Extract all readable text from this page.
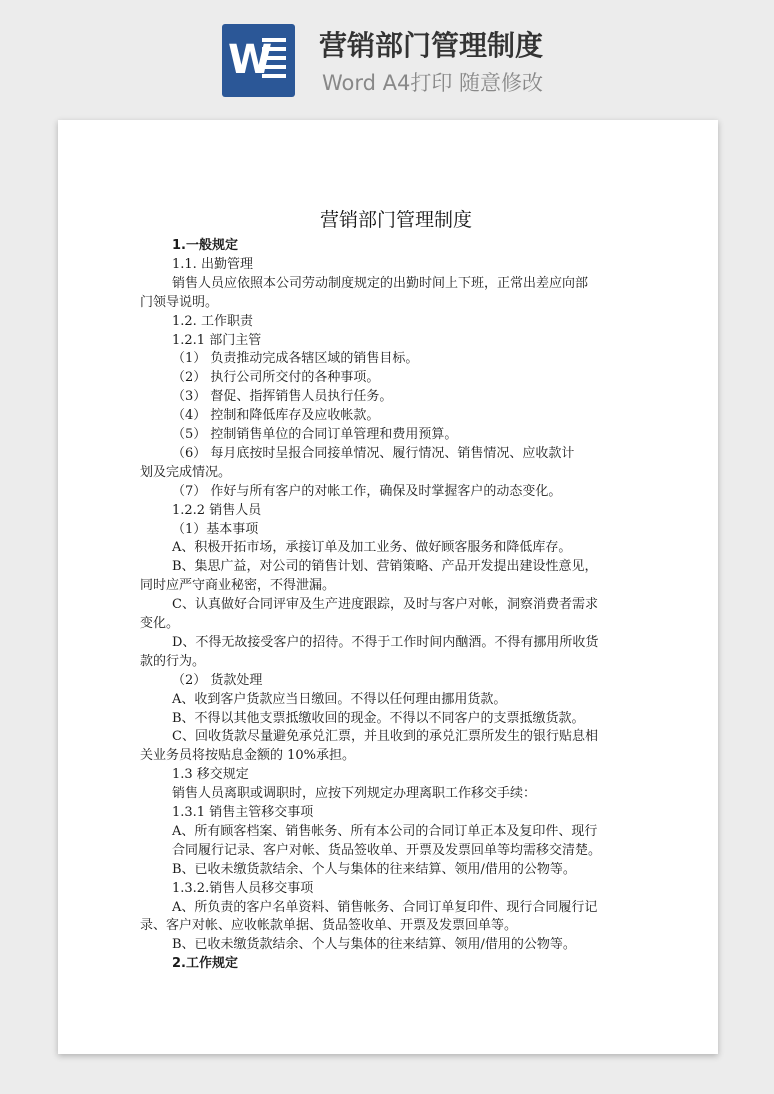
W 营销部门管理制度
Word A4打印 随意修改
营销部门管理制度
1.一般规定
1.1. 出勤管理
销售人员应依照本公司劳动制度规定的出勤时间上下班，正常出差应向部
门领导说明。
1.2. 工作职责
1.2.1 部门主管
（1） 负责推动完成各辖区域的销售目标。
（2） 执行公司所交付的各种事项。
（3） 督促、指挥销售人员执行任务。
（4） 控制和降低库存及应收帐款。
（5） 控制销售单位的合同订单管理和费用预算。
（6） 每月底按时呈报合同接单情况、履行情况、销售情况、应收款计
划及完成情况。
（7） 作好与所有客户的对帐工作，确保及时掌握客户的动态变化。
1.2.2 销售人员
（1）基本事项
A、积极开拓市场，承接订单及加工业务、做好顾客服务和降低库存。
B、集思广益，对公司的销售计划、营销策略、产品开发提出建设性意见，
同时应严守商业秘密，不得泄漏。
C、认真做好合同评审及生产进度跟踪，及时与客户对帐，洞察消费者需求
变化。
D、不得无故接受客户的招待。不得于工作时间内酗酒。不得有挪用所收货
款的行为。
（2） 货款处理
A、收到客户货款应当日缴回。不得以任何理由挪用货款。
B、不得以其他支票抵缴收回的现金。不得以不同客户的支票抵缴货款。
C、回收货款尽量避免承兑汇票，并且收到的承兑汇票所发生的银行贴息相
关业务员将按贴息金额的 10%承担。
1.3 移交规定
销售人员离职或调职时，应按下列规定办理离职工作移交手续：
1.3.1 销售主管移交事项
A、所有顾客档案、销售帐务、所有本公司的合同订单正本及复印件、现行
合同履行记录、客户对帐、货品签收单、开票及发票回单等均需移交清楚。
B、已收未缴货款结余、个人与集体的往来结算、领用/借用的公物等。
1.3.2.销售人员移交事项
A、所负责的客户名单资料、销售帐务、合同订单复印件、现行合同履行记
录、客户对帐、应收帐款单据、货品签收单、开票及发票回单等。
B、已收未缴货款结余、个人与集体的往来结算、领用/借用的公物等。
2.工作规定
